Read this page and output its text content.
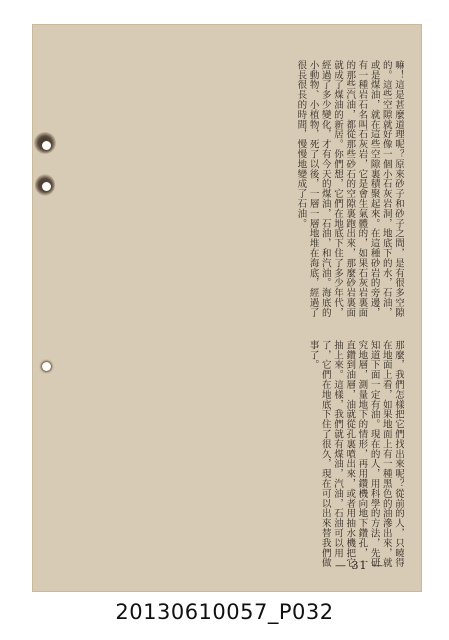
嘛！這是甚麼道理呢？原來砂子和砂子之間，是有很多空隙的。這些空隙就好像一個小石灰岩洞，地底下的水，石油，或是煤油，就在這些空隙裏積聚起來。在這種砂岩的旁邊，有一種岩石名叫石灰岩，它是會生氣體的，如果石灰岩裏面的那些汽油，都從那些砂石的空隙裏跑出來，那麼砂岩裏面就成了煤油的新居。你們想，它們在地底下住了多少年代，經過了多少變化，才有今天的煤油，石油，和汽油。海底的小動物、小植物，死了以後，一層一層地堆在海底，經過了很長很長的時間，慢慢地變成了石油。
那麼，我們怎樣把它們找出來呢？從前的人，只曉得在地面上看，如果地面上有一種黑色的油滲出來，就知道下面一定有油。現在的人，用科學的方法，先研究地層，測量地下的情形，再用鑽機向地下鑽孔，一直鑽到油層，油就從孔裏噴出來，或者用抽水機把它抽上來。這樣，我們就有煤油，汽油，石油可以用了，它們在地底下住了很久，現在可以出來替我們做事了。
— 31 —
20130610057_P032
